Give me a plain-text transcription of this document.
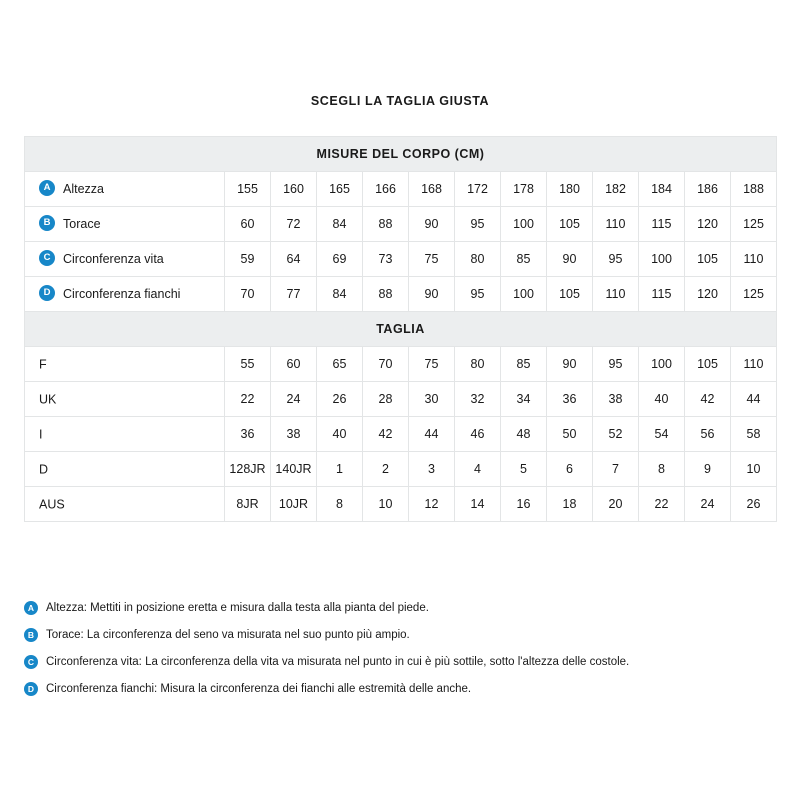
SCEGLI LA TAGLIA GIUSTA
MISURE DEL CORPO (CM)												
A Altezza	155	160	165	166	168	172	178	180	182	184	186	188
B Torace	60	72	84	88	90	95	100	105	110	115	120	125
C Circonferenza vita	59	64	69	73	75	80	85	90	95	100	105	110
D Circonferenza fianchi	70	77	84	88	90	95	100	105	110	115	120	125
TAGLIA												
F	55	60	65	70	75	80	85	90	95	100	105	110
UK	22	24	26	28	30	32	34	36	38	40	42	44
I	36	38	40	42	44	46	48	50	52	54	56	58
D	128JR	140JR	1	2	3	4	5	6	7	8	9	10
AUS	8JR	10JR	8	10	12	14	16	18	20	22	24	26
A	Altezza: Mettiti in posizione eretta e misura dalla testa alla pianta del piede.
B	Torace: La circonferenza del seno va misurata nel suo punto più ampio.
C	Circonferenza vita: La circonferenza della vita va misurata nel punto in cui è più sottile, sotto l'altezza delle costole.
D	Circonferenza fianchi: Misura la circonferenza dei fianchi alle estremità delle anche.
